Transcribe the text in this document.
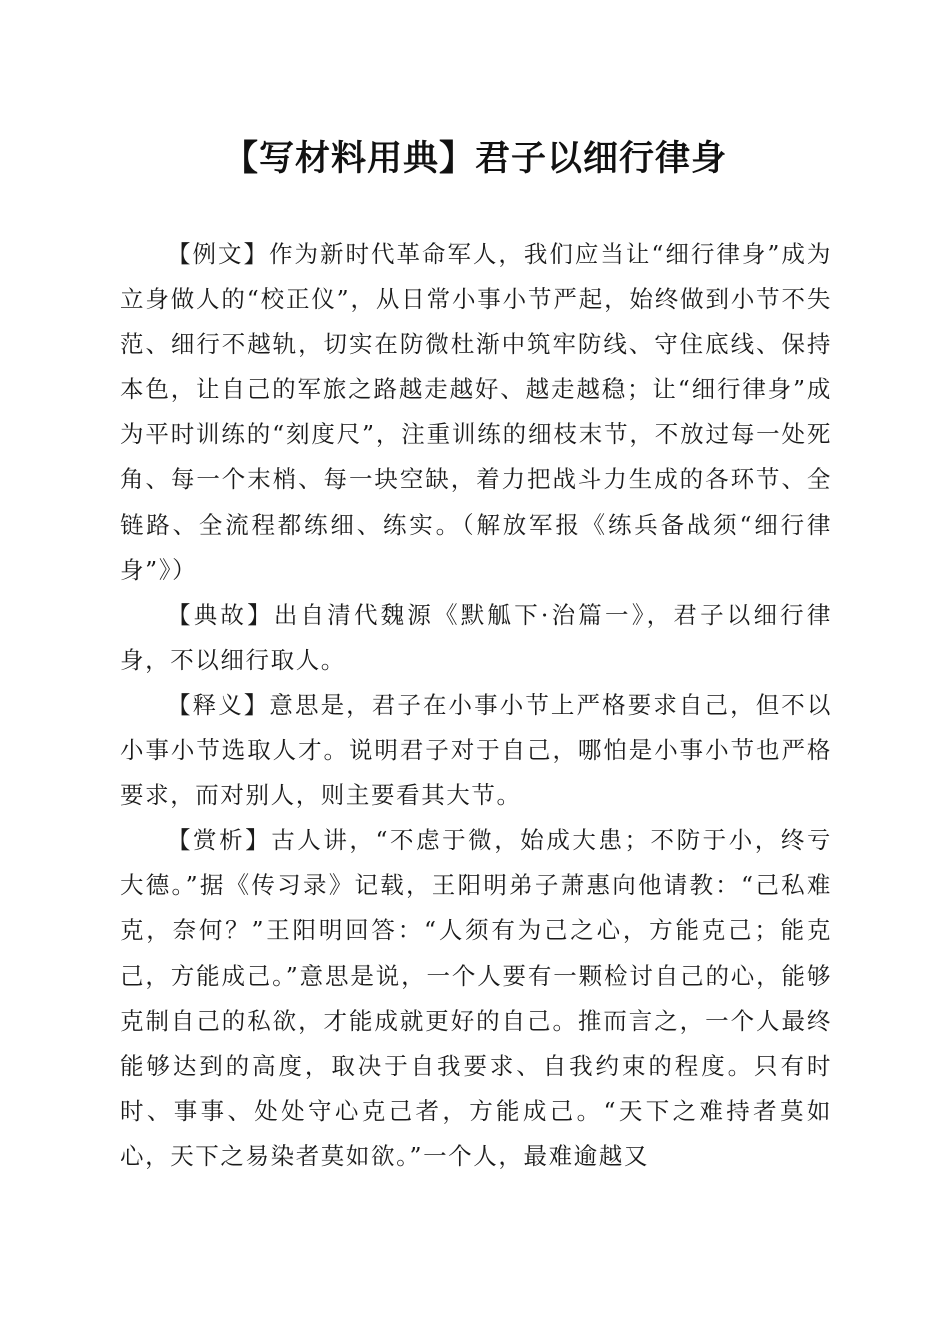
【写材料用典】君子以细行律身

【例文】作为新时代革命军人，我们应当让“细行律身”成为立身做人的“校正仪”，从日常小事小节严起，始终做到小节不失范、细行不越轨，切实在防微杜渐中筑牢防线、守住底线、保持本色，让自己的军旅之路越走越好、越走越稳；让“细行律身”成为平时训练的“刻度尺”，注重训练的细枝末节，不放过每一处死角、每一个末梢、每一块空缺，着力把战斗力生成的各环节、全链路、全流程都练细、练实。（解放军报《练兵备战须“细行律身”》）

【典故】出自清代魏源《默觚下·治篇一》，君子以细行律身，不以细行取人。

【释义】意思是，君子在小事小节上严格要求自己，但不以小事小节选取人才。说明君子对于自己，哪怕是小事小节也严格要求，而对别人，则主要看其大节。

【赏析】古人讲，“不虑于微，始成大患；不防于小，终亏大德。”据《传习录》记载，王阳明弟子萧惠向他请教：“己私难克，奈何？”王阳明回答：“人须有为己之心，方能克己；能克己，方能成己。”意思是说，一个人要有一颗检讨自己的心，能够克制自己的私欲，才能成就更好的自己。推而言之，一个人最终能够达到的高度，取决于自我要求、自我约束的程度。只有时时、事事、处处守心克己者，方能成己。“天下之难持者莫如心，天下之易染者莫如欲。”一个人，最难逾越又
